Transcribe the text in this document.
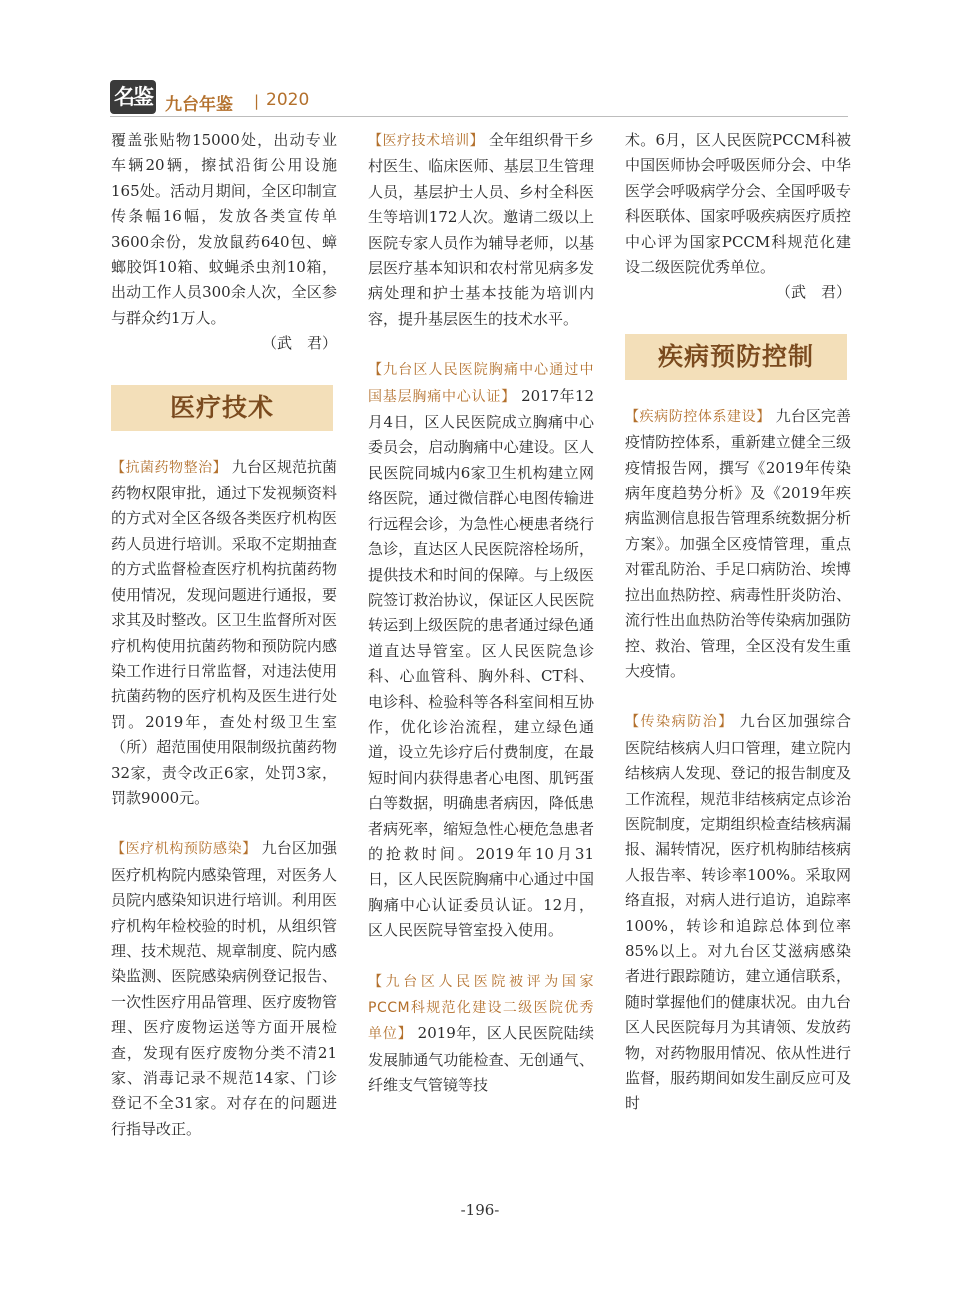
名鉴 九台年鉴 | 2020

覆盖张贴物15000处，出动专业车辆20辆，擦拭沿街公用设施165处。活动月期间，全区印制宣传条幅16幅，发放各类宣传单3600余份，发放鼠药640包、蟑螂胶饵10箱、蚊蝇杀虫剂10箱，出动工作人员300余人次，全区参与群众约1万人。

（武　君）

医疗技术

【抗菌药物整治】 九台区规范抗菌药物权限审批，通过下发视频资料的方式对全区各级各类医疗机构医药人员进行培训。采取不定期抽查的方式监督检查医疗机构抗菌药物使用情况，发现问题进行通报，要求其及时整改。区卫生监督所对医疗机构使用抗菌药物和预防院内感染工作进行日常监督，对违法使用抗菌药物的医疗机构及医生进行处罚。2019年，查处村级卫生室（所）超范围使用限制级抗菌药物32家，责令改正6家，处罚3家，罚款9000元。

【医疗机构预防感染】 九台区加强医疗机构院内感染管理，对医务人员院内感染知识进行培训。利用医疗机构年检校验的时机，从组织管理、技术规范、规章制度、院内感染监测、医院感染病例登记报告、一次性医疗用品管理、医疗废物管理、医疗废物运送等方面开展检查，发现有医疗废物分类不清21家、消毒记录不规范14家、门诊登记不全31家。对存在的问题进行指导改正。

【医疗技术培训】 全年组织骨干乡村医生、临床医师、基层卫生管理人员，基层护士人员、乡村全科医生等培训172人次。邀请二级以上医院专家人员作为辅导老师，以基层医疗基本知识和农村常见病多发病处理和护士基本技能为培训内容，提升基层医生的技术水平。

【九台区人民医院胸痛中心通过中国基层胸痛中心认证】 2017年12月4日，区人民医院成立胸痛中心委员会，启动胸痛中心建设。区人民医院同城内6家卫生机构建立网络医院，通过微信群心电图传输进行远程会诊，为急性心梗患者绕行急诊，直达区人民医院溶栓场所，提供技术和时间的保障。与上级医院签订救治协议，保证区人民医院转运到上级医院的患者通过绿色通道直达导管室。区人民医院急诊科、心血管科、胸外科、CT科、电诊科、检验科等各科室间相互协作，优化诊治流程，建立绿色通道，设立先诊疗后付费制度，在最短时间内获得患者心电图、肌钙蛋白等数据，明确患者病因，降低患者病死率，缩短急性心梗危急患者的抢救时间。2019年10月31日，区人民医院胸痛中心通过中国胸痛中心认证委员认证。12月，区人民医院导管室投入使用。

【九台区人民医院被评为国家PCCM科规范化建设二级医院优秀单位】 2019年，区人民医院陆续发展肺通气功能检查、无创通气、纤维支气管镜等技

术。6月，区人民医院PCCM科被中国医师协会呼吸医师分会、中华医学会呼吸病学分会、全国呼吸专科医联体、国家呼吸疾病医疗质控中心评为国家PCCM科规范化建设二级医院优秀单位。

（武　君）

疾病预防控制

【疾病防控体系建设】 九台区完善疫情防控体系，重新建立健全三级疫情报告网，撰写《2019年传染病年度趋势分析》及《2019年疾病监测信息报告管理系统数据分析方案》。加强全区疫情管理，重点对霍乱防治、手足口病防治、埃博拉出血热防控、病毒性肝炎防治、流行性出血热防治等传染病加强防控、救治、管理，全区没有发生重大疫情。

【传染病防治】 九台区加强综合医院结核病人归口管理，建立院内结核病人发现、登记的报告制度及工作流程，规范非结核病定点诊治医院制度，定期组织检查结核病漏报、漏转情况，医疗机构肺结核病人报告率、转诊率100%。采取网络直报，对病人进行追访，追踪率100%，转诊和追踪总体到位率85%以上。对九台区艾滋病感染者进行跟踪随访，建立通信联系，随时掌握他们的健康状况。由九台区人民医院每月为其请领、发放药物，对药物服用情况、依从性进行监督，服药期间如发生副反应可及时

-196-
